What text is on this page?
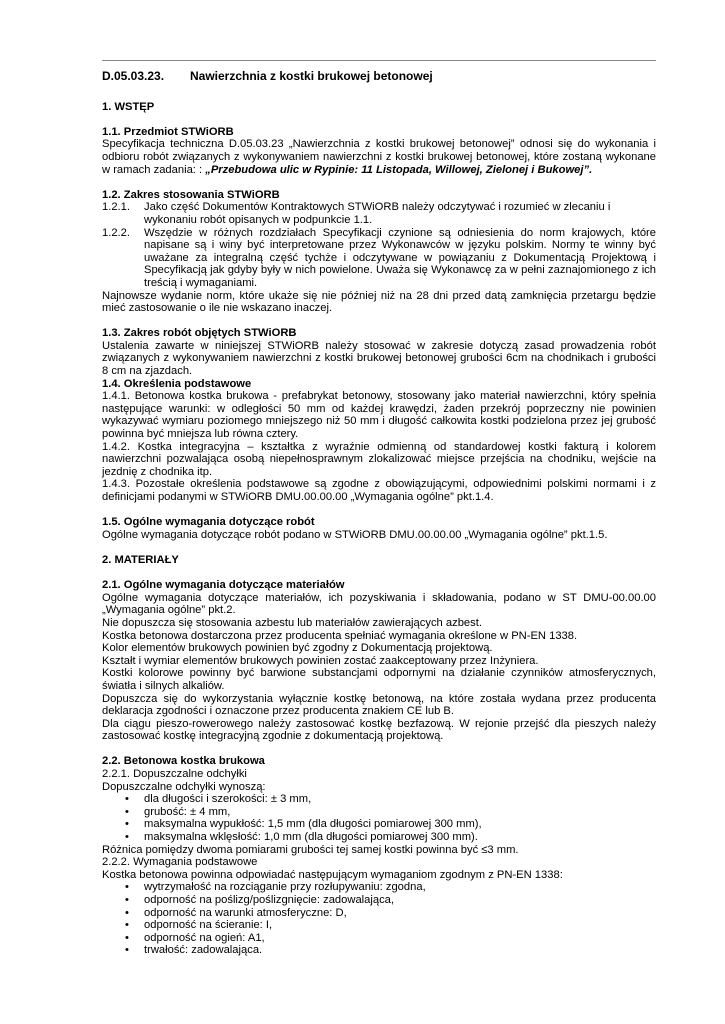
D.05.03.23.	Nawierzchnia z kostki brukowej betonowej
1. WSTĘP
1.1. Przedmiot STWiORB

Specyfikacja techniczna D.05.03.23 „Nawierzchnia z kostki brukowej betonowej” odnosi się do wykonania i odbioru robót związanych z wykonywaniem nawierzchni z kostki brukowej betonowej, które zostaną wykonane w ramach zadania: : „Przebudowa ulic w Rypinie: 11 Listopada, Willowej, Zielonej i Bukowej”.

1.2. Zakres stosowania STWiORB
1.2.1.	Jako część Dokumentów Kontraktowych STWiORB należy odczytywać i rozumieć w zlecaniu i wykonaniu robót opisanych w podpunkcie 1.1.
1.2.2.	Wszędzie w różnych rozdziałach Specyfikacji czynione są odniesienia do norm krajowych, które napisane są i winy być interpretowane przez Wykonawców w języku polskim. Normy te winny być uważane za integralną część tychże i odczytywane w powiązaniu z Dokumentacją Projektową i Specyfikacją jak gdyby były w nich powielone. Uważa się Wykonawcę za w pełni zaznajomionego z ich treścią i wymaganiami.

Najnowsze wydanie norm, które ukaże się nie później niż na 28 dni przed datą zamknięcia przetargu będzie mieć zastosowanie o ile nie wskazano inaczej.

1.3. Zakres robót objętych STWiORB

Ustalenia zawarte w niniejszej STWiORB należy stosować w zakresie dotyczą zasad prowadzenia robót związanych z wykonywaniem nawierzchni z kostki brukowej betonowej grubości 6cm na chodnikach i grubości 8 cm na zjazdach.

1.4. Określenia podstawowe

1.4.1. Betonowa kostka brukowa - prefabrykat betonowy, stosowany jako materiał nawierzchni, który spełnia następujące warunki: w odległości 50 mm od każdej krawędzi, żaden przekrój poprzeczny nie powinien wykazywać wymiaru poziomego mniejszego niż 50 mm i długość całkowita kostki podzielona przez jej grubość powinna być mniejsza lub równa cztery.

1.4.2. Kostka integracyjna – kształtka z wyraźnie odmienną od standardowej kostki fakturą i kolorem nawierzchni pozwalająca osobą niepełnosprawnym zlokalizować miejsce przejścia na chodniku, wejście na jezdnię z chodnika itp.

1.4.3. Pozostałe określenia podstawowe są zgodne z obowiązującymi, odpowiednimi polskimi normami i z definicjami podanymi w STWiORB DMU.00.00.00 „Wymagania ogólne” pkt.1.4.

1.5. Ogólne wymagania dotyczące robót

Ogólne wymagania dotyczące robót podano w STWiORB DMU.00.00.00 „Wymagania ogólne” pkt.1.5.

2. MATERIAŁY
2.1. Ogólne wymagania dotyczące materiałów

Ogólne wymagania dotyczące materiałów, ich pozyskiwania i składowania, podano w ST DMU-00.00.00 „Wymagania ogólne” pkt.2.

Nie dopuszcza się stosowania azbestu lub materiałów zawierających azbest.

Kostka betonowa dostarczona przez producenta spełniać wymagania określone w PN-EN 1338.

Kolor elementów brukowych powinien być zgodny z Dokumentacją projektową.

Kształt i wymiar elementów brukowych powinien zostać zaakceptowany przez Inżyniera.

Kostki kolorowe powinny być barwione substancjami odpornymi na działanie czynników atmosferycznych, światła i silnych alkaliów.

Dopuszcza się do wykorzystania wyłącznie kostkę betonową, na które została wydana przez producenta deklaracja zgodności i oznaczone przez producenta znakiem CE lub B.

Dla ciągu pieszo-rowerowego należy zastosować kostkę bezfazową. W rejonie przejść dla pieszych należy zastosować kostkę integracyjną zgodnie z dokumentacją projektową.

2.2. Betonowa kostka brukowa

2.2.1. Dopuszczalne odchyłki

Dopuszczalne odchyłki wynoszą:

• dla długości i szerokości: ± 3 mm,
• grubość: ± 4 mm,
• maksymalna wypukłość: 1,5 mm (dla długości pomiarowej 300 mm),
• maksymalna wklęsłość: 1,0 mm (dla długości pomiarowej 300 mm).

Różnica pomiędzy dwoma pomiarami grubości tej samej kostki powinna być ≤3 mm.

2.2.2. Wymagania podstawowe

Kostka betonowa powinna odpowiadać następującym wymaganiom zgodnym z PN-EN 1338:

• wytrzymałość na rozciąganie przy rozłupywaniu: zgodna,
• odporność na poślizg/poślizgnięcie: zadowalająca,
• odporność na warunki atmosferyczne: D,
• odporność na ścieranie: I,
• odporność na ogień: A1,
• trwałość: zadowalająca.
